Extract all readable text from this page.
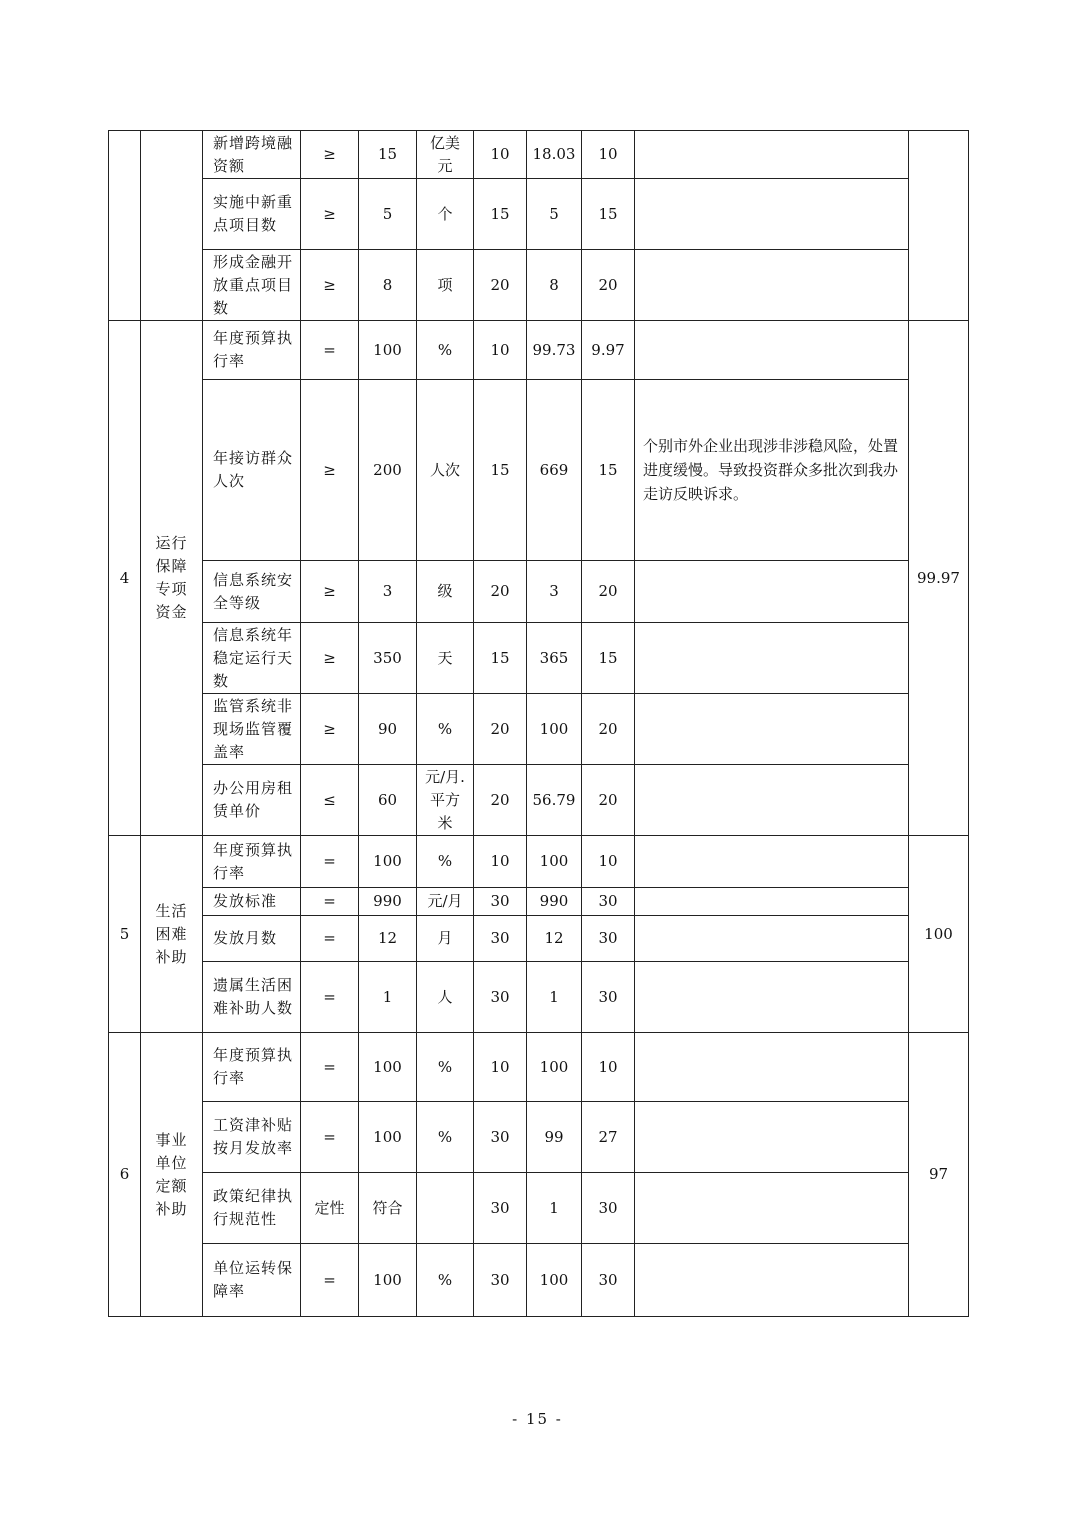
		新增跨境融资额	≥	15	亿美元	10	18.03	10		
		实施中新重点项目数	≥	5	个	15	5	15		
		形成金融开放重点项目数	≥	8	项	20	8	20		
4	运行保障专项资金	年度预算执行率	=	100	%	10	99.73	9.97		99.97
		年接访群众人次	≥	200	人次	15	669	15	个别市外企业出现涉非涉稳风险，处置进度缓慢。导致投资群众多批次到我办走访反映诉求。	
		信息系统安全等级	≥	3	级	20	3	20		
		信息系统年稳定运行天数	≥	350	天	15	365	15		
		监管系统非现场监管覆盖率	≥	90	%	20	100	20		
		办公用房租赁单价	≤	60	元/月.平方米	20	56.79	20		
5	生活困难补助	年度预算执行率	=	100	%	10	100	10		100
		发放标准	=	990	元/月	30	990	30		
		发放月数	=	12	月	30	12	30		
		遗属生活困难补助人数	=	1	人	30	1	30		
6	事业单位定额补助	年度预算执行率	=	100	%	10	100	10		97
		工资津补贴按月发放率	=	100	%	30	99	27		
		政策纪律执行规范性	定性	符合		30	1	30		
		单位运转保障率	=	100	%	30	100	30		
- 15 -
